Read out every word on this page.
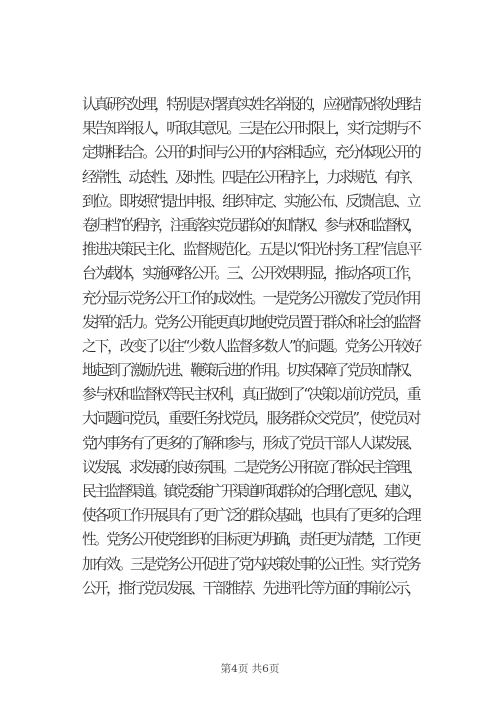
认真研究处理，特别是对署真实姓名举报的，应视情况将处理结
果告知举报人，听取其意见。三是在公开时限上，实行定期与不
定期相结合。公开的时间与公开的内容相适应，充分体现公开的
经常性、动态性、及时性。四是在公开程序上，力求规范、有序、
到位。即按照“提出申报、组织审定、实施公布、反馈信息、立
卷归档”的程序，注重落实党员群众的知情权、参与权和监督权，
推进决策民主化、监督规范化。五是以“阳光村务工程”信息平
台为载体，实施网络公开。三、公开效果明显，推动各项工作，
充分显示党务公开工作的成效性。一是党务公开激发了党员作用
发挥的活力。党务公开能更真切地使党员置于群众和社会的监督
之下，改变了以往“少数人监督多数人”的问题。党务公开较好
地起到了激励先进、鞭策后进的作用。切实保障了党员知情权、
参与权和监督权等民主权利，真正做到了“决策以前访党员，重
大问题问党员，重要任务找党员，服务群众交党员”，使党员对
党内事务有了更多的了解和参与，形成了党员干部人人谋发展、
议发展、求发展的良好氛围。二是党务公开拓宽了群众民主管理、
民主监督渠道。镇党委能广开渠道听取群众的合理化意见、建议，
使各项工作开展具有了更广泛的群众基础，也具有了更多的合理
性。党务公开使党组织的目标更为明确，责任更为清楚，工作更
加有效。三是党务公开促进了党内决策处事的公正性。实行党务
公开，推行党员发展、干部推荐、先进评比等方面的事前公示，
第4页 共6页
